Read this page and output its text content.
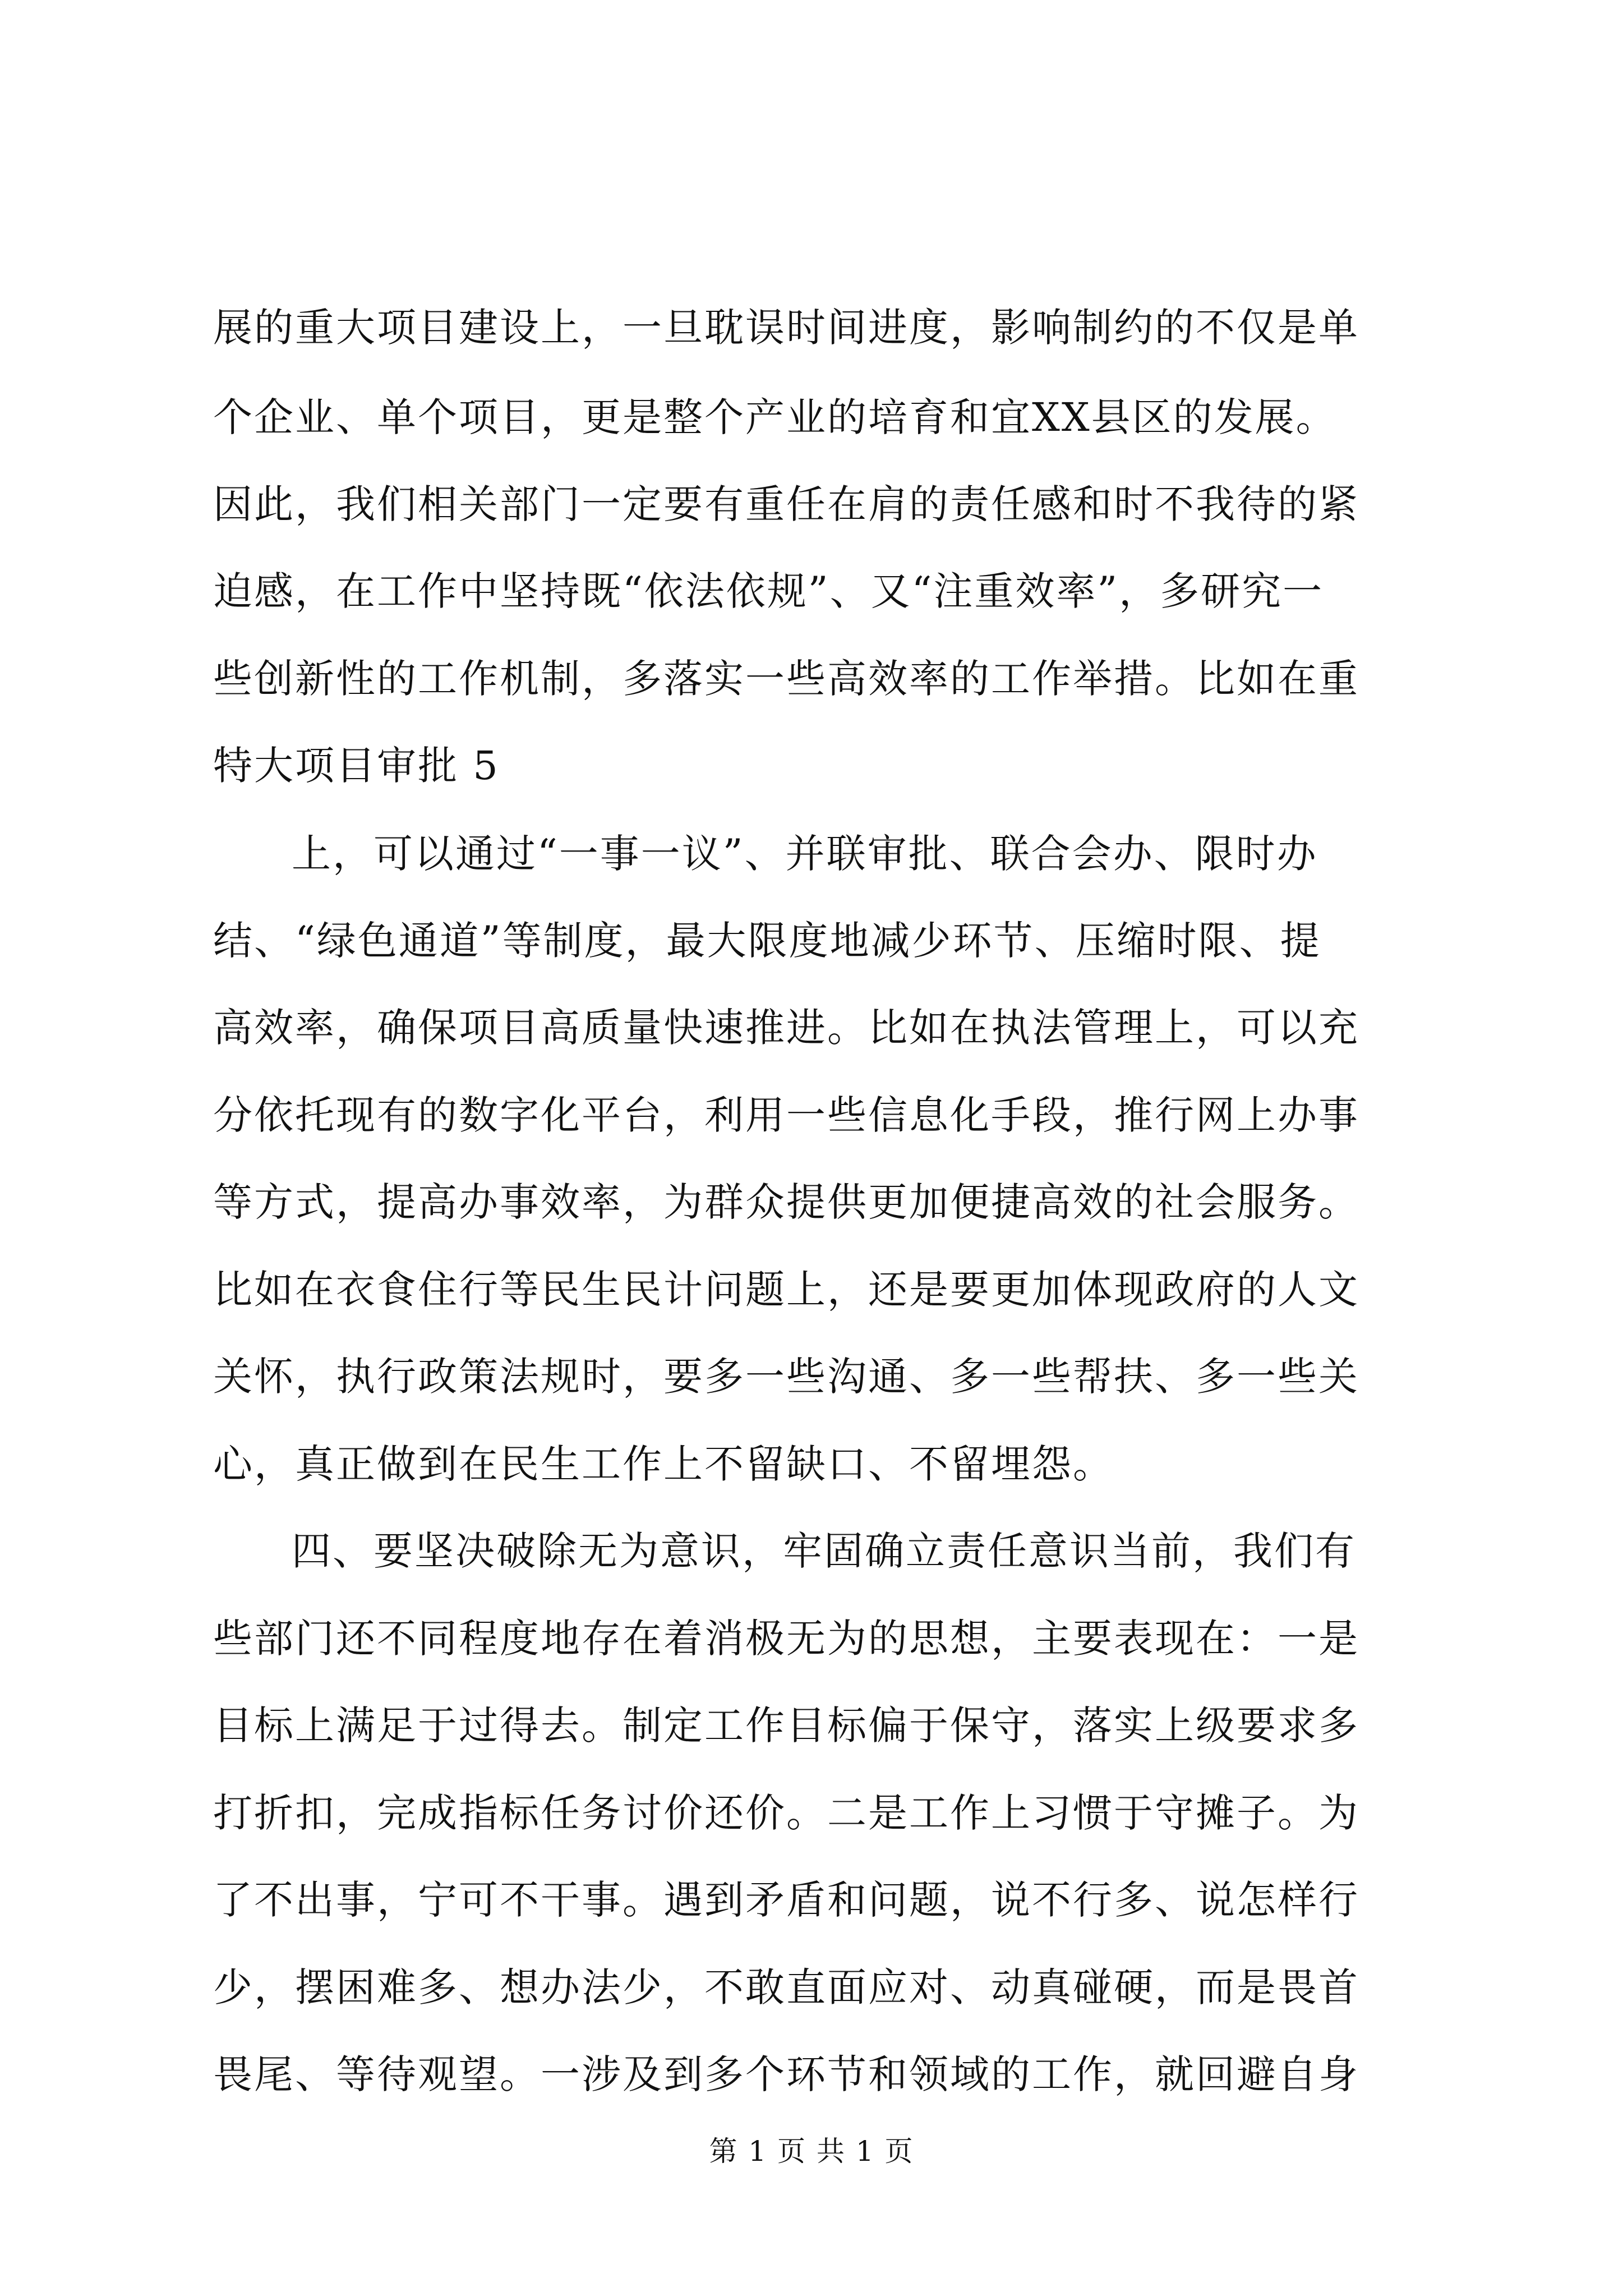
展的重大项目建设上，一旦耽误时间进度，影响制约的不仅是单
个企业、单个项目，更是整个产业的培育和宜XX县区的发展。
因此，我们相关部门一定要有重任在肩的责任感和时不我待的紧
迫感，在工作中坚持既“依法依规”、又“注重效率”，多研究一
些创新性的工作机制，多落实一些高效率的工作举措。比如在重
特大项目审批 5
上，可以通过“一事一议”、并联审批、联合会办、限时办
结、“绿色通道”等制度，最大限度地减少环节、压缩时限、提
高效率，确保项目高质量快速推进。比如在执法管理上，可以充
分依托现有的数字化平台，利用一些信息化手段，推行网上办事
等方式，提高办事效率，为群众提供更加便捷高效的社会服务。
比如在衣食住行等民生民计问题上，还是要更加体现政府的人文
关怀，执行政策法规时，要多一些沟通、多一些帮扶、多一些关
心，真正做到在民生工作上不留缺口、不留埋怨。
四、要坚决破除无为意识，牢固确立责任意识当前，我们有
些部门还不同程度地存在着消极无为的思想，主要表现在：一是
目标上满足于过得去。制定工作目标偏于保守，落实上级要求多
打折扣，完成指标任务讨价还价。二是工作上习惯于守摊子。为
了不出事，宁可不干事。遇到矛盾和问题，说不行多、说怎样行
少，摆困难多、想办法少，不敢直面应对、动真碰硬，而是畏首
畏尾、等待观望。一涉及到多个环节和领域的工作，就回避自身
第 1 页 共 1 页
